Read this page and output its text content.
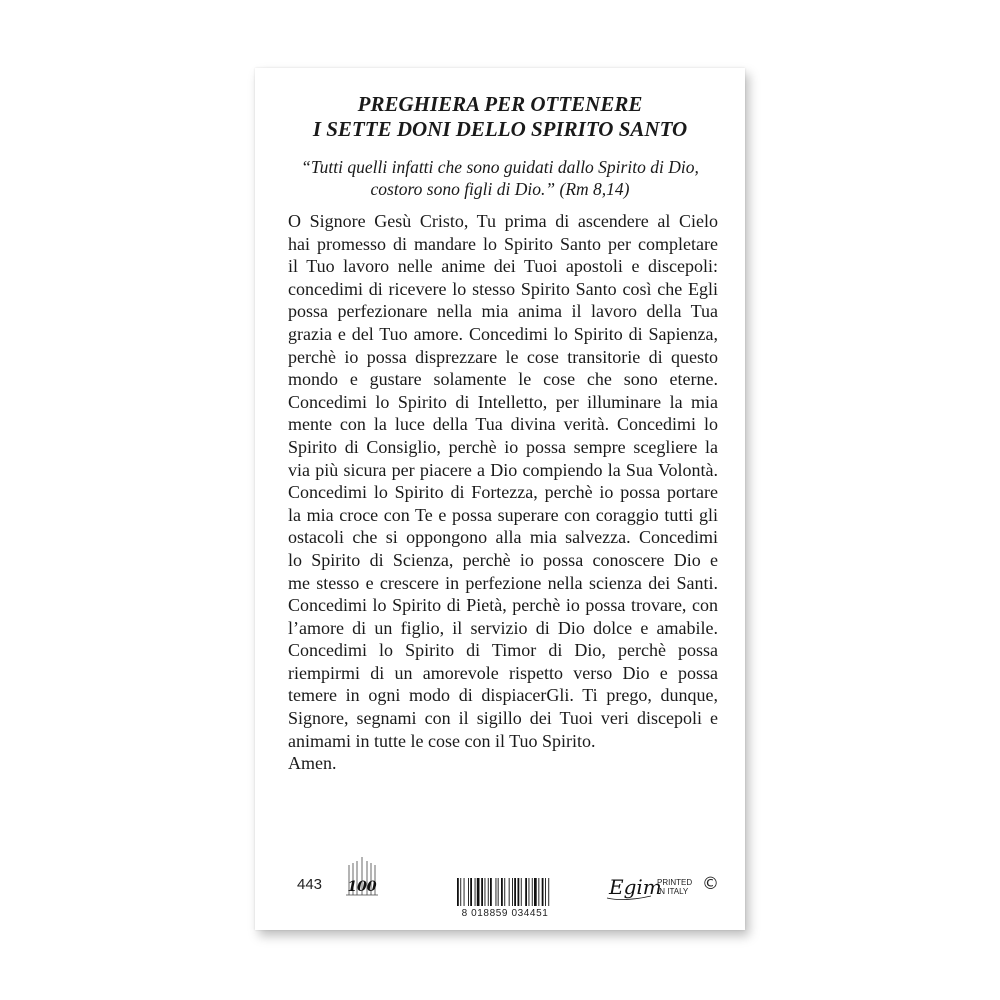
PREGHIERA PER OTTENERE
I SETTE DONI DELLO SPIRITO SANTO
“Tutti quelli infatti che sono guidati dallo Spirito di Dio,
costoro sono figli di Dio.” (Rm 8,14)
O Signore Gesù Cristo, Tu prima di ascendere al Cielo
hai promesso di mandare lo Spirito Santo per completare
il Tuo lavoro nelle anime dei Tuoi apostoli e discepoli:
concedimi di ricevere lo stesso Spirito Santo così che Egli
possa perfezionare nella mia anima il lavoro della Tua
grazia e del Tuo amore. Concedimi lo Spirito di Sapienza,
perchè io possa disprezzare le cose transitorie di questo
mondo e gustare solamente le cose che sono eterne.
Concedimi lo Spirito di Intelletto, per illuminare la mia
mente con la luce della Tua divina verità. Concedimi lo
Spirito di Consiglio, perchè io possa sempre scegliere la
via più sicura per piacere a Dio compiendo la Sua Volontà.
Concedimi lo Spirito di Fortezza, perchè io possa portare
la mia croce con Te e possa superare con coraggio tutti gli
ostacoli che si oppongono alla mia salvezza. Concedimi
lo Spirito di Scienza, perchè io possa conoscere Dio e
me stesso e crescere in perfezione nella scienza dei Santi.
Concedimi lo Spirito di Pietà, perchè io possa trovare, con
l’amore di un figlio, il servizio di Dio dolce e amabile.
Concedimi lo Spirito di Timor di Dio, perchè possa
riempirmi di un amorevole rispetto verso Dio e possa
temere in ogni modo di dispiacerGli. Ti prego, dunque,
Signore, segnami con il sigillo dei Tuoi veri discepoli e
animami in tutte le cose con il Tuo Spirito.
Amen.
443 100
8 018859 034451
Egim
PRINTED
IN ITALY ©
